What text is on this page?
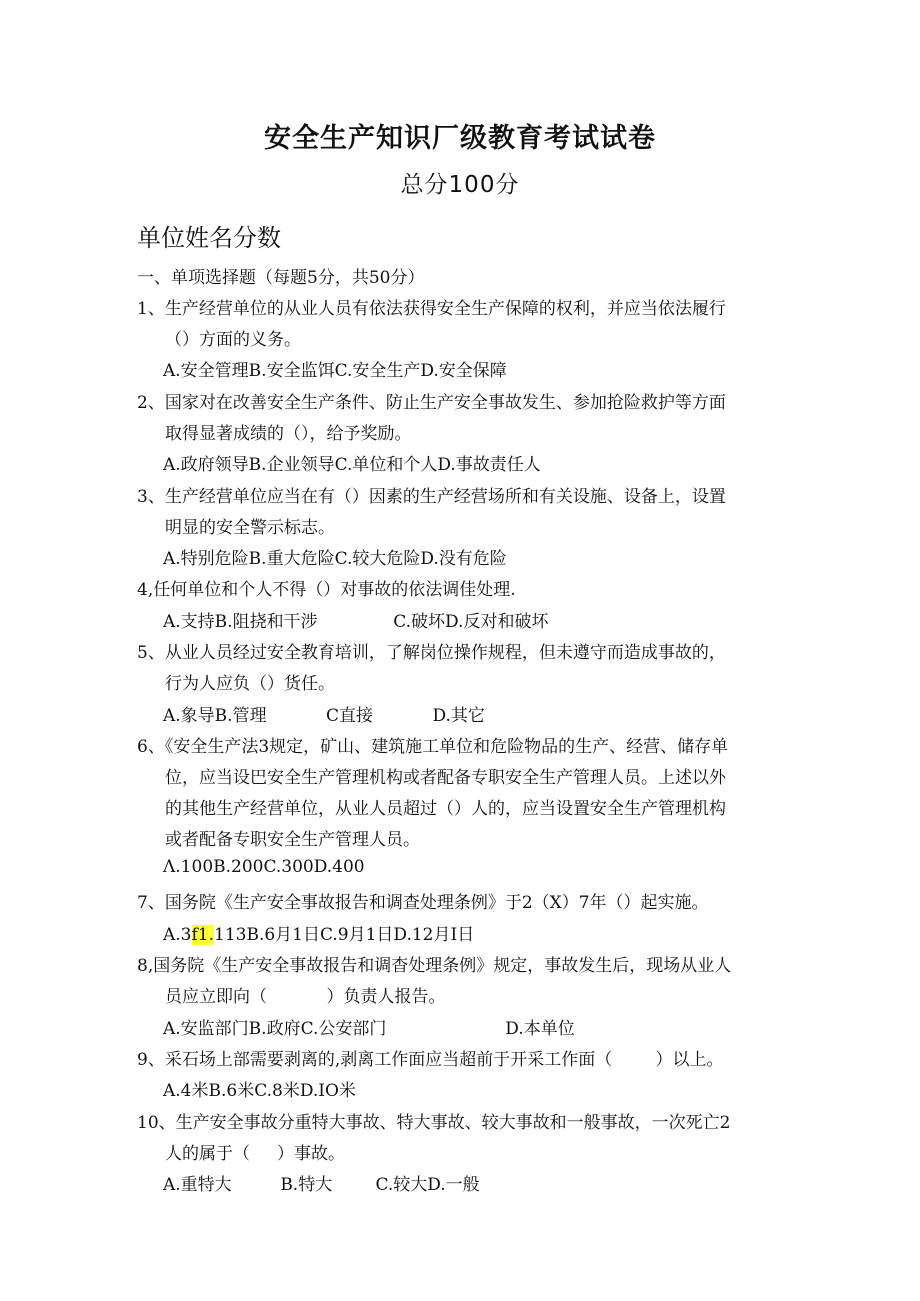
安全生产知识厂级教育考试试卷
总分100分
单位姓名分数
一、单项选择题（每题5分，共50分）
1、生产经营单位的从业人员有依法获得安全生产保障的权利，并应当依法履行
（）方面的义务。
A.安全管理B.安全监饵C.安全生产D.安全保障
2、国家对在改善安全生产条件、防止生产安全事故发生、参加抢险救护等方面
取得显著成绩的（），给予奖励。
A.政府领导B.企业领导C.单位和个人D.事故责任人
3、生产经营单位应当在有（）因素的生产经营场所和有关设施、设备上，设置
明显的安全警示标志。
A.特别危险B.重大危险C.较大危险D.没有危险
4,任何单位和个人不得（）对事故的依法调佳处理.
A.支持B.阻挠和干涉              C.破坏D.反对和破坏
5、从业人员经过安全教育培训，了解岗位操作规程，但未遵守而造成事故的，
行为人应负（）货任。
A.象导B.管理           C直接           D.其它
6、《安全生产法3规定，矿山、建筑施工单位和危险物品的生产、经营、储存单
位，应当设巴安全生产管理机构或者配备专职安全生产管理人员。上述以外
的其他生产经营单位，从业人员超过（）人的，应当设置安全生产管理机构
或者配备专职安全生产管理人员。
Λ.100B.200C.300D.400
7、国务院《生产安全事故报告和调查处理条例》于2（X）7年（）起实施。
A.3f1.113B.6月1日C.9月1日D.12月I日
8,国务院《生产安全事故报告和调杳处理条例》规定，事故发生后，现场从业人
员应立即向（           ）负责人报告。
A.安监部门B.政府C.公安部门                      D.本单位
9、采石场上部需要剥离的,剥离工作面应当超前于开采工作面（        ）以上。
A.4米B.6米C.8米D.IO米
10、生产安全事故分重特大事故、特大事故、较大事故和一般事故，一次死亡2
人的属于（     ）事故。
A.重特大         B.特大        C.较大D.一般
